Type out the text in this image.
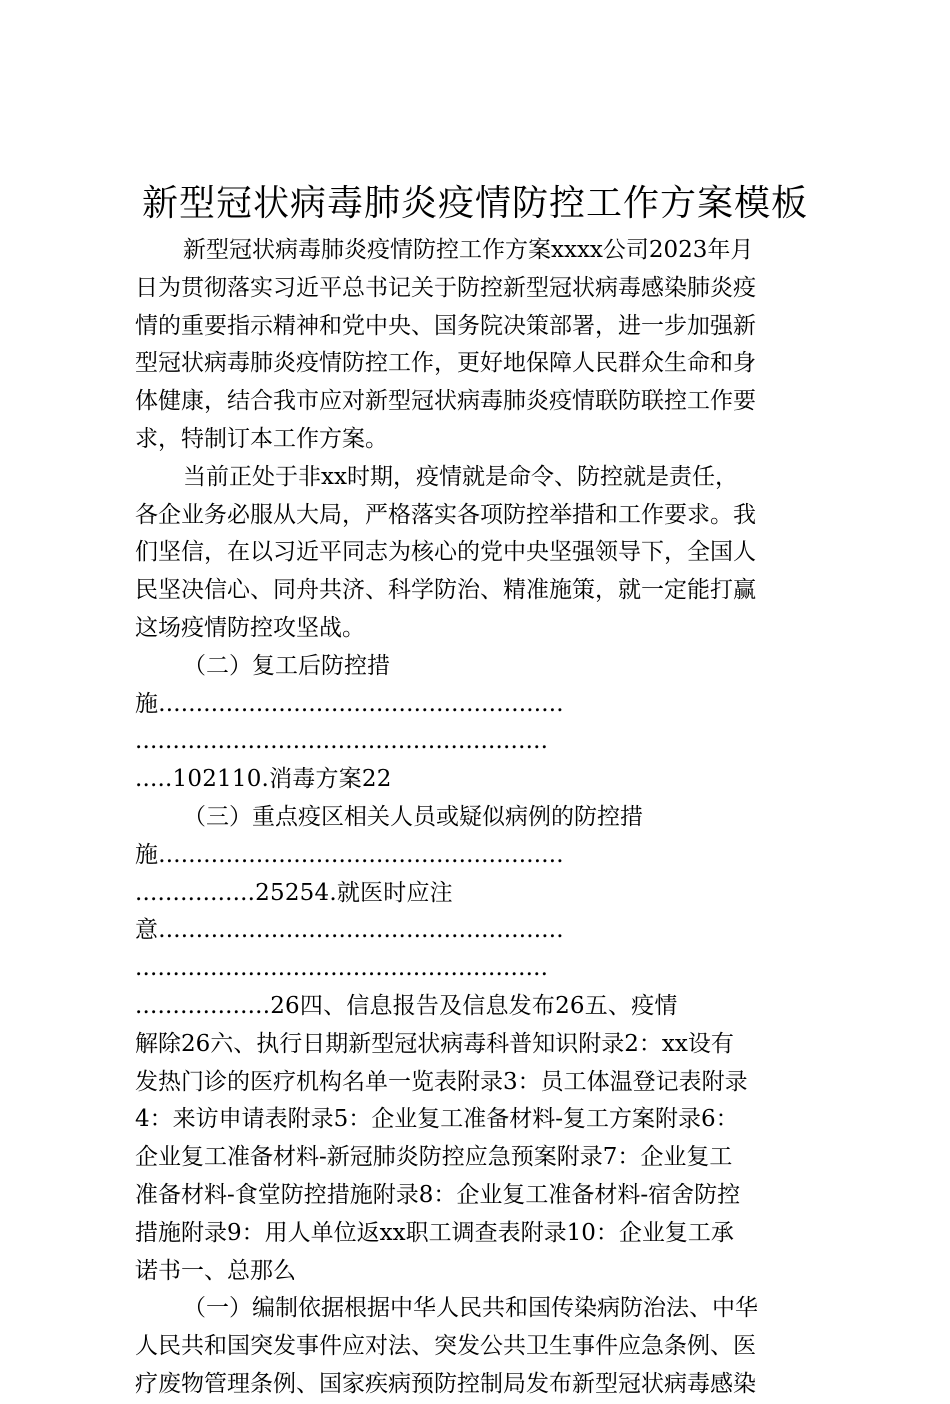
新型冠状病毒肺炎疫情防控工作方案模板
新型冠状病毒肺炎疫情防控工作方案xxxx公司2023年月
日为贯彻落实习近平总书记关于防控新型冠状病毒感染肺炎疫
情的重要指示精神和党中央、国务院决策部署，进一步加强新
型冠状病毒肺炎疫情防控工作，更好地保障人民群众生命和身
体健康，结合我市应对新型冠状病毒肺炎疫情联防联控工作要
求，特制订本工作方案。
当前正处于非xx时期，疫情就是命令、防控就是责任，
各企业务必服从大局，严格落实各项防控举措和工作要求。我
们坚信，在以习近平同志为核心的党中央坚强领导下，全国人
民坚决信心、同舟共济、科学防治、精准施策，就一定能打赢
这场疫情防控攻坚战。
（二）复工后防控措
施......................................................
.......................................................
.....102110.消毒方案22
（三）重点疫区相关人员或疑似病例的防控措
施......................................................
................25254.就医时应注
意......................................................
.......................................................
..................26四、信息报告及信息发布26五、疫情
解除26六、执行日期新型冠状病毒科普知识附录2：xx设有
发热门诊的医疗机构名单一览表附录3：员工体温登记表附录
4：来访申请表附录5：企业复工准备材料-复工方案附录6：
企业复工准备材料-新冠肺炎防控应急预案附录7：企业复工
准备材料-食堂防控措施附录8：企业复工准备材料-宿舍防控
措施附录9：用人单位返xx职工调查表附录10：企业复工承
诺书一、总那么
（一）编制依据根据中华人民共和国传染病防治法、中华
人民共和国突发事件应对法、突发公共卫生事件应急条例、医
疗废物管理条例、国家疾病预防控制局发布新型冠状病毒感染
